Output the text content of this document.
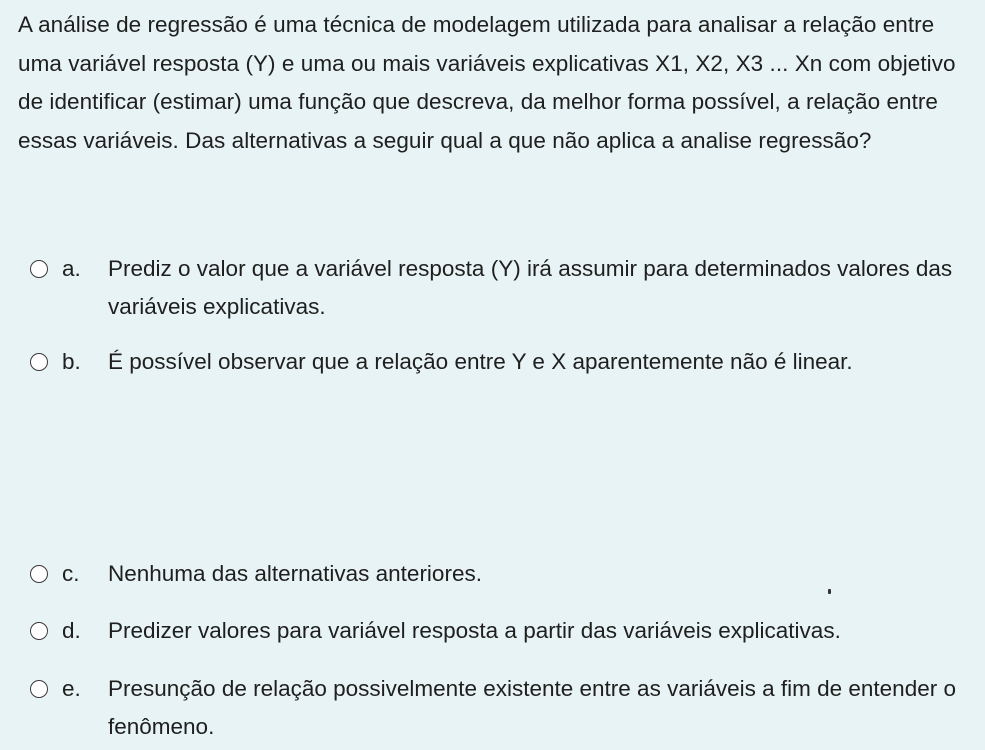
A análise de regressão é uma técnica de modelagem utilizada para analisar a relação entre uma variável resposta (Y) e uma ou mais variáveis explicativas X1, X2, X3 ... Xn com objetivo de identificar (estimar) uma função que descreva, da melhor forma possível, a relação entre essas variáveis. Das alternativas a seguir qual a que não aplica a analise regressão?
a.	Prediz o valor que a variável resposta (Y) irá assumir para determinados valores das variáveis explicativas.
b.	É possível observar que a relação entre Y e X aparentemente não é linear.
c.	Nenhuma das alternativas anteriores.
d.	Predizer valores para variável resposta a partir das variáveis explicativas.
e.	Presunção de relação possivelmente existente entre as variáveis a fim de entender o fenômeno.
